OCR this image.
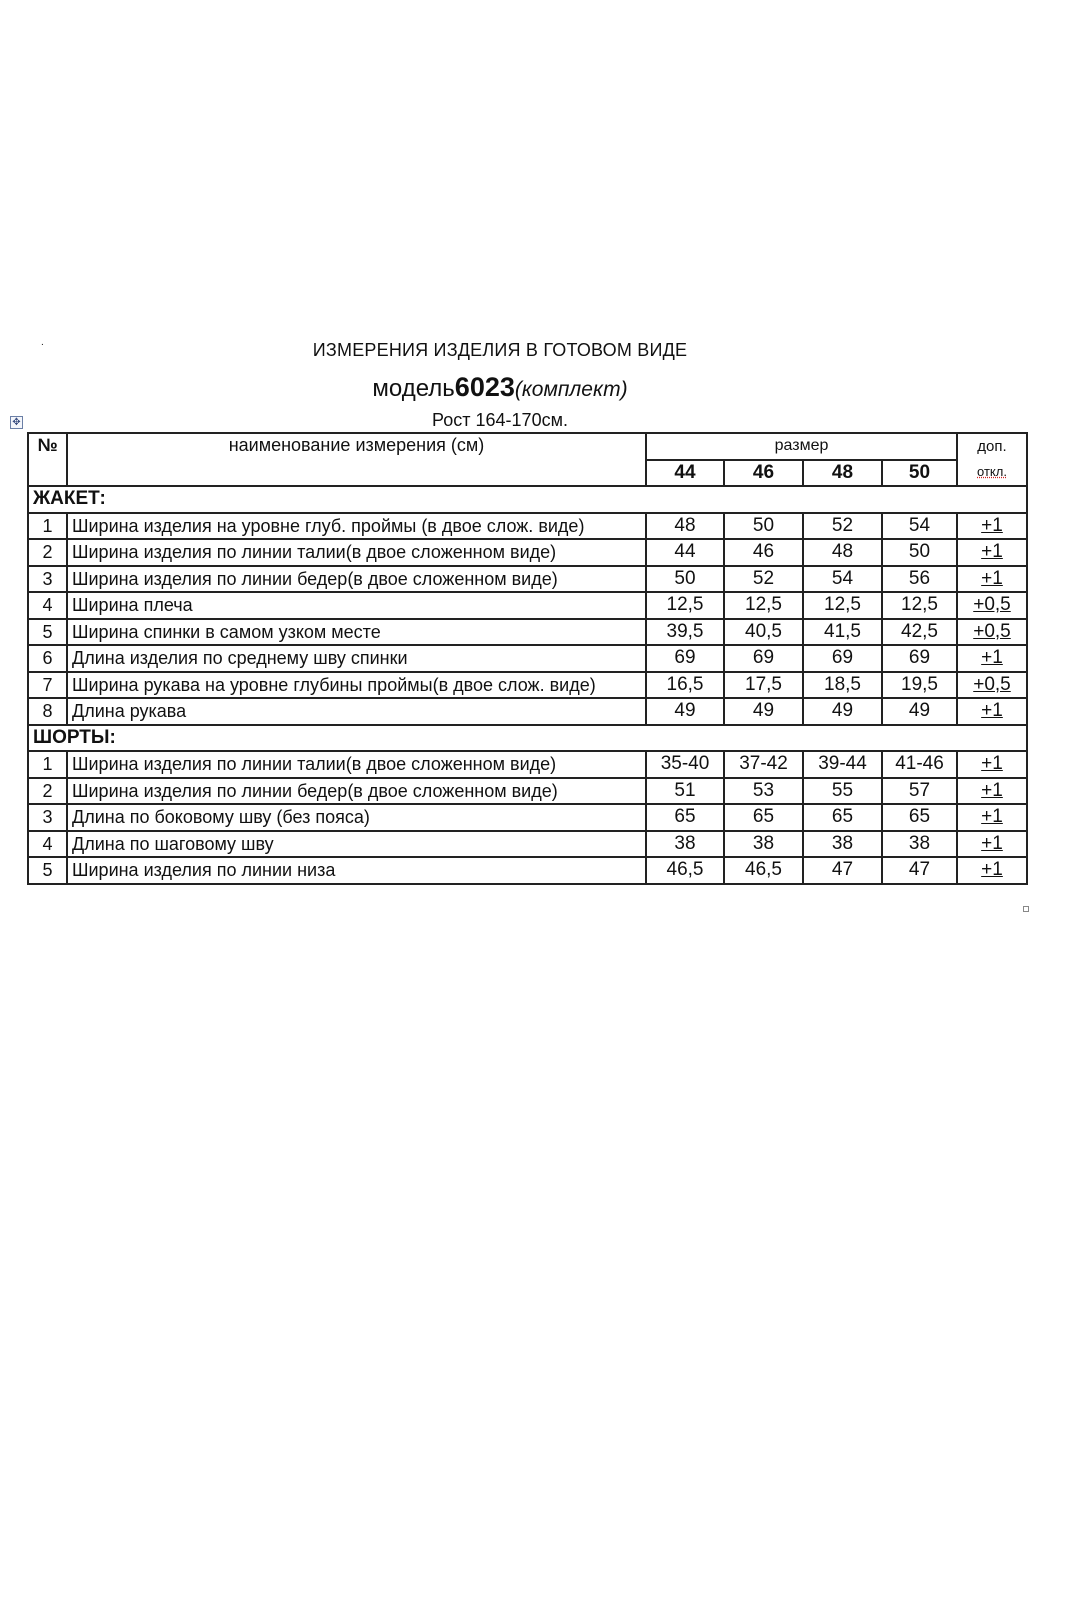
.	ИЗМЕРЕНИЯ ИЗДЕЛИЯ В ГОТОВОМ ВИДЕ
модель6023(комплект)
Рост 164-170см.
✥
№	наименование измерения (см)	размер				доп.
		44	46	48	50	откл.
ЖАКЕТ:						
1	Ширина изделия на уровне глуб. проймы (в двое слож. виде)	48	50	52	54	+1
2	Ширина изделия по линии талии(в двое сложенном виде)	44	46	48	50	+1
3	Ширина изделия по линии бедер(в двое сложенном виде)	50	52	54	56	+1
4	Ширина плеча	12,5	12,5	12,5	12,5	+0,5
5	Ширина спинки в самом узком месте	39,5	40,5	41,5	42,5	+0,5
6	Длина изделия по среднему шву спинки	69	69	69	69	+1
7	Ширина рукава на уровне глубины проймы(в двое слож. виде)	16,5	17,5	18,5	19,5	+0,5
8	Длина рукава	49	49	49	49	+1
ШОРТЫ:						
1	Ширина изделия по линии талии(в двое сложенном виде)	35-40	37-42	39-44	41-46	+1
2	Ширина изделия по линии бедер(в двое сложенном виде)	51	53	55	57	+1
3	Длина по боковому шву (без пояса)	65	65	65	65	+1
4	Длина по шаговому шву	38	38	38	38	+1
5	Ширина изделия по линии низа	46,5	46,5	47	47	+1
